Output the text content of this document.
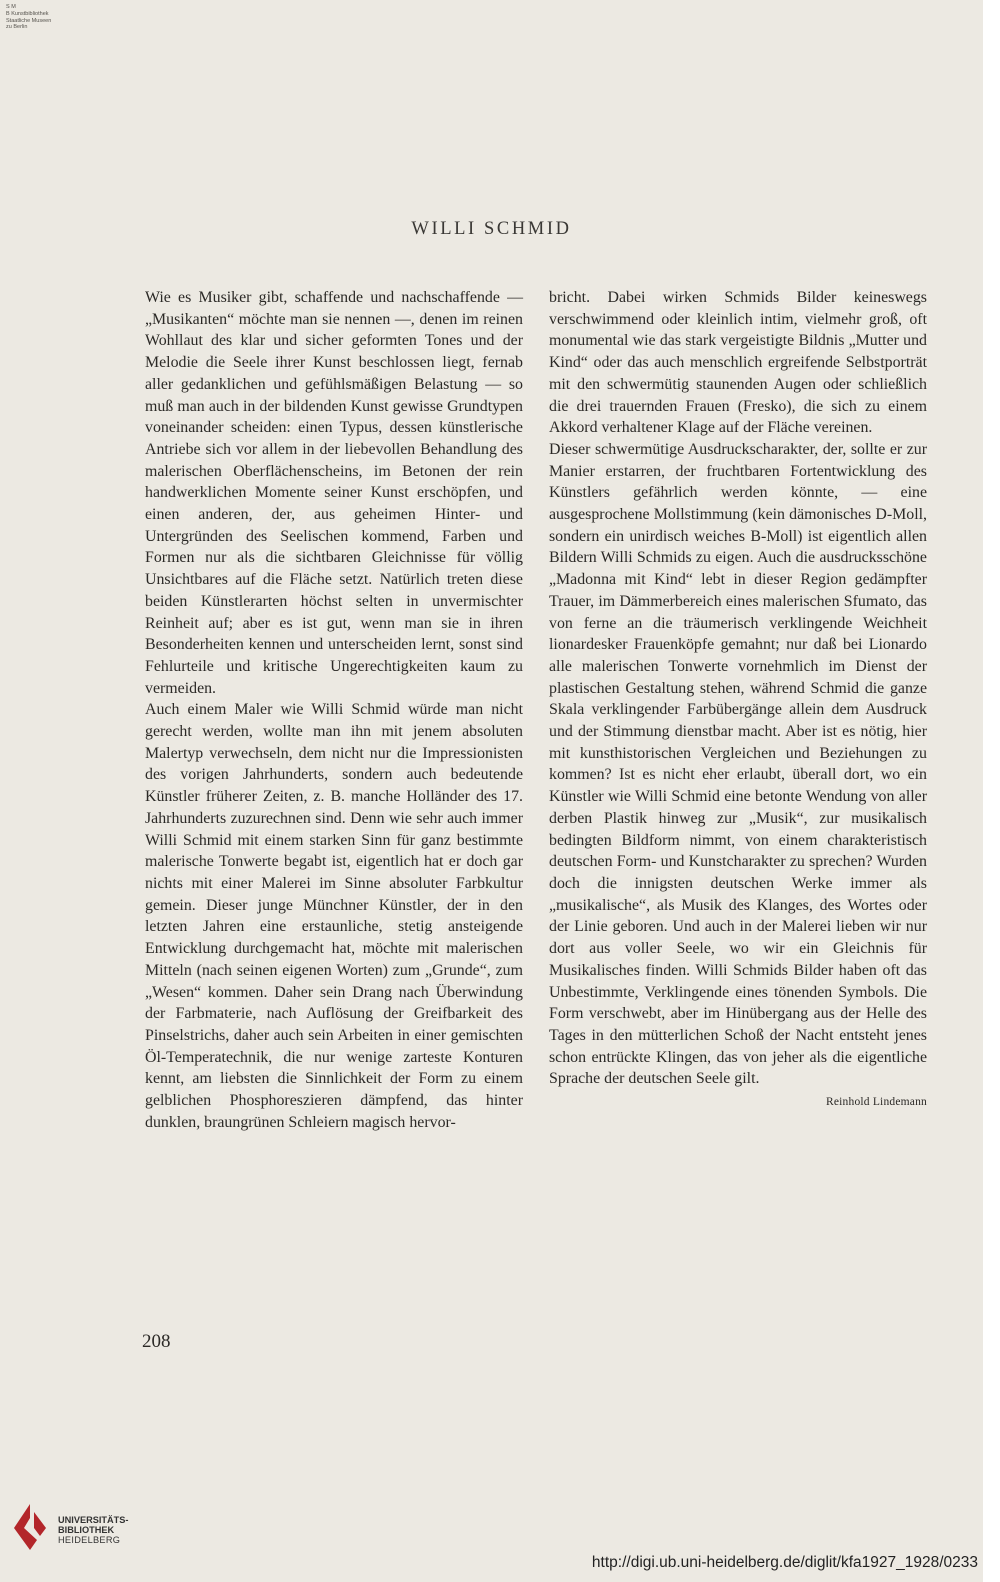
S M
B Kunstbibliothek
Staatliche Museen
zu Berlin
WILLI SCHMID

Wie es Musiker gibt, schaffende und nachschaffende — „Musikanten“ möchte man sie nennen —, denen im reinen Wohllaut des klar und sicher geformten Tones und der Melodie die Seele ihrer Kunst beschlossen liegt, fernab aller gedanklichen und gefühlsmäßigen Belastung — so muß man auch in der bildenden Kunst gewisse Grundtypen voneinander scheiden: einen Typus, dessen künstlerische Antriebe sich vor allem in der liebevollen Behandlung des malerischen Oberflächenscheins, im Betonen der rein handwerklichen Momente seiner Kunst erschöpfen, und einen anderen, der, aus geheimen Hinter- und Untergründen des Seelischen kommend, Farben und Formen nur als die sichtbaren Gleichnisse für völlig Unsichtbares auf die Fläche setzt. Natürlich treten diese beiden Künstlerarten höchst selten in unvermischter Reinheit auf; aber es ist gut, wenn man sie in ihren Besonderheiten kennen und unterscheiden lernt, sonst sind Fehlurteile und kritische Ungerechtigkeiten kaum zu vermeiden.

Auch einem Maler wie Willi Schmid würde man nicht gerecht werden, wollte man ihn mit jenem absoluten Malertyp verwechseln, dem nicht nur die Impressionisten des vorigen Jahrhunderts, sondern auch bedeutende Künstler früherer Zeiten, z. B. manche Holländer des 17. Jahrhunderts zuzurechnen sind. Denn wie sehr auch immer Willi Schmid mit einem starken Sinn für ganz bestimmte malerische Tonwerte begabt ist, eigentlich hat er doch gar nichts mit einer Malerei im Sinne absoluter Farbkultur gemein. Dieser junge Münchner Künstler, der in den letzten Jahren eine erstaunliche, stetig ansteigende Entwicklung durchgemacht hat, möchte mit malerischen Mitteln (nach seinen eigenen Worten) zum „Grunde“, zum „Wesen“ kommen. Daher sein Drang nach Überwindung der Farbmaterie, nach Auflösung der Greifbarkeit des Pinselstrichs, daher auch sein Arbeiten in einer gemischten Öl-Temperatechnik, die nur wenige zarteste Konturen kennt, am liebsten die Sinnlichkeit der Form zu einem gelblichen Phosphoreszieren dämpfend, das hinter dunklen, braungrünen Schleiern magisch hervor-

bricht. Dabei wirken Schmids Bilder keineswegs verschwimmend oder kleinlich intim, vielmehr groß, oft monumental wie das stark vergeistigte Bildnis „Mutter und Kind“ oder das auch menschlich ergreifende Selbstporträt mit den schwermütig staunenden Augen oder schließlich die drei trauernden Frauen (Fresko), die sich zu einem Akkord verhaltener Klage auf der Fläche vereinen.

Dieser schwermütige Ausdruckscharakter, der, sollte er zur Manier erstarren, der fruchtbaren Fortentwicklung des Künstlers gefährlich werden könnte, — eine ausgesprochene Mollstimmung (kein dämonisches D-Moll, sondern ein unirdisch weiches B-Moll) ist eigentlich allen Bildern Willi Schmids zu eigen. Auch die ausdrucksschöne „Madonna mit Kind“ lebt in dieser Region gedämpfter Trauer, im Dämmerbereich eines malerischen Sfumato, das von ferne an die träumerisch verklingende Weichheit lionardesker Frauenköpfe gemahnt; nur daß bei Lionardo alle malerischen Tonwerte vornehmlich im Dienst der plastischen Gestaltung stehen, während Schmid die ganze Skala verklingender Farbübergänge allein dem Ausdruck und der Stimmung dienstbar macht. Aber ist es nötig, hier mit kunsthistorischen Vergleichen und Beziehungen zu kommen? Ist es nicht eher erlaubt, überall dort, wo ein Künstler wie Willi Schmid eine betonte Wendung von aller derben Plastik hinweg zur „Musik“, zur musikalisch bedingten Bildform nimmt, von einem charakteristisch deutschen Form- und Kunstcharakter zu sprechen? Wurden doch die innigsten deutschen Werke immer als „musikalische“, als Musik des Klanges, des Wortes oder der Linie geboren. Und auch in der Malerei lieben wir nur dort aus voller Seele, wo wir ein Gleichnis für Musikalisches finden. Willi Schmids Bilder haben oft das Unbestimmte, Verklingende eines tönenden Symbols. Die Form verschwebt, aber im Hinübergang aus der Helle des Tages in den mütterlichen Schoß der Nacht entsteht jenes schon entrückte Klingen, das von jeher als die eigentliche Sprache der deutschen Seele gilt.

Reinhold Lindemann
208
UNIVERSITÄTS-
BIBLIOTHEK
HEIDELBERG
http://digi.ub.uni-heidelberg.de/diglit/kfa1927_1928/0233
